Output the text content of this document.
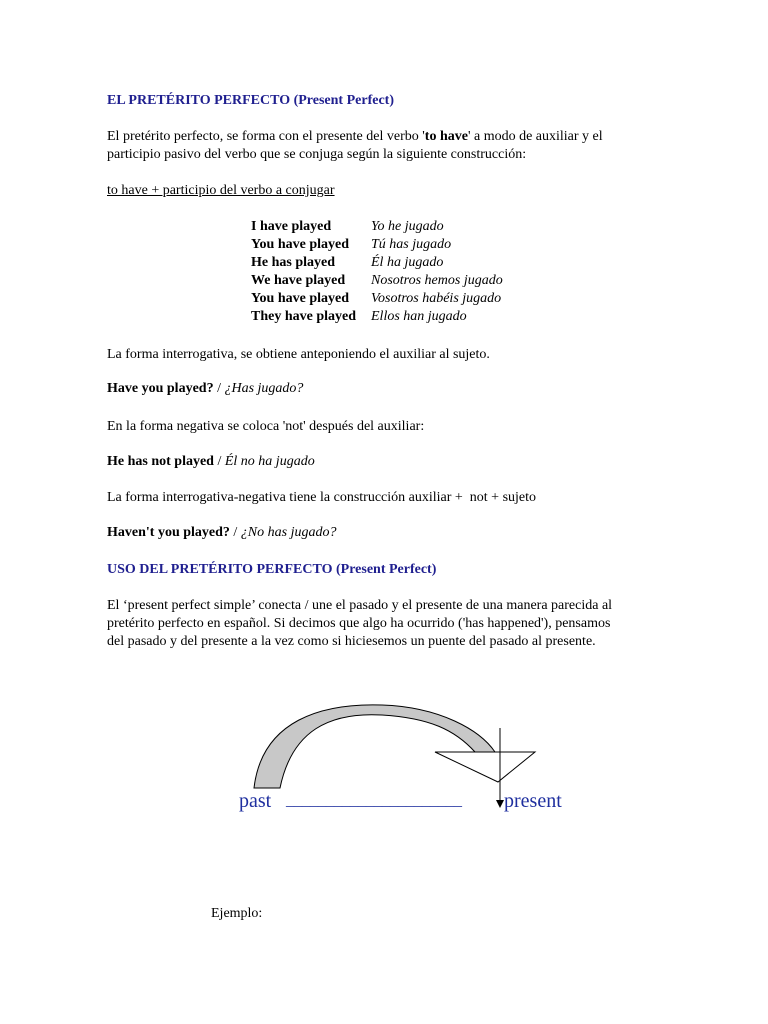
EL PRETÉRITO PERFECTO (Present Perfect)
El pretérito perfecto, se forma con el presente del verbo 'to have' a modo de auxiliar y el
participio pasivo del verbo que se conjuga según la siguiente construcción:
to have + participio del verbo a conjugar
I have played	Yo he jugado
You have played Tú has jugado
He has played	Él ha jugado
We have played Nosotros hemos jugado
You have played Vosotros habéis jugado
They have played Ellos han jugado
La forma interrogativa, se obtiene anteponiendo el auxiliar al sujeto.
Have you played? / ¿Has jugado?
En la forma negativa se coloca 'not' después del auxiliar:
He has not played / Él no ha jugado
La forma interrogativa-negativa tiene la construcción auxiliar +  not + sujeto
Haven't you played? / ¿No has jugado?
USO DEL PRETÉRITO PERFECTO (Present Perfect)
El ‘present perfect simple’ conecta / une el pasado y el presente de una manera parecida al
pretérito perfecto en español. Si decimos que algo ha ocurrido ('has happened'), pensamos
del pasado y del presente a la vez como si hiciesemos un puente del pasado al presente.
past ______________________ present
Ejemplo:
